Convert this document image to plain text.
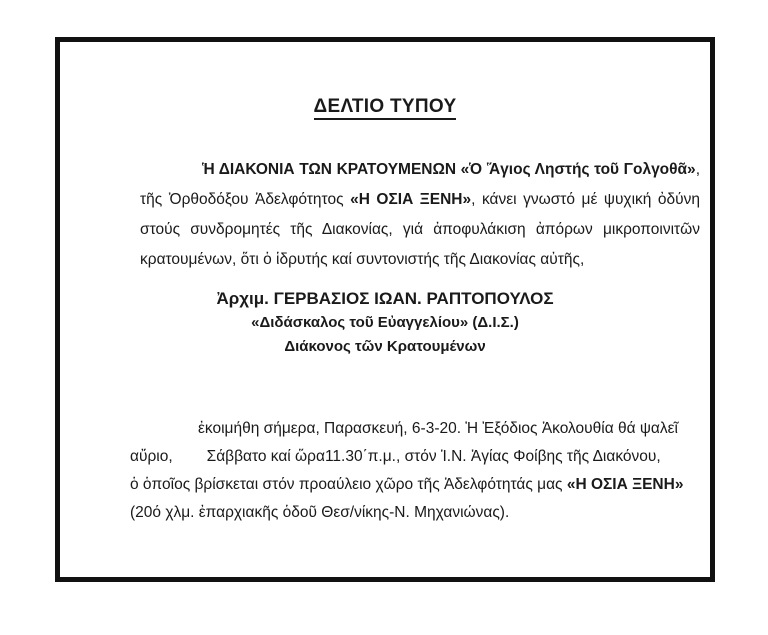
ΔΕΛΤΙΟ ΤΥΠΟΥ
Ἡ ΔΙΑΚΟΝΙΑ ΤΩΝ ΚΡΑΤΟΥΜΕΝΩΝ «Ὁ Ἅγιος Ληστής τοῦ Γολγοθᾶ», τῆς Ὀρθοδόξου Ἀδελφότητος «Η ΟΣΙΑ ΞΕΝΗ», κάνει γνωστό μέ ψυχική ὀδύνη στούς συνδρομητές τῆς Διακονίας, γιά ἀποφυλάκιση ἀπόρων μικροποινιτῶν κρατουμένων, ὅτι ὁ ἱδρυτής καί συντονιστής τῆς Διακονίας αὐτῆς,
Ἀρχιμ. ΓΕΡΒΑΣΙΟΣ ΙΩΑΝ. ΡΑΠΤΟΠΟΥΛΟΣ
«Διδάσκαλος τοῦ Εὐαγγελίου» (Δ.Ι.Σ.)
Διάκονος τῶν Κρατουμένων
ἐκοιμήθη σήμερα, Παρασκευή, 6-3-20. Ἡ Ἐξόδιος Ἀκολουθία θά ψαλεῖ
αὔριο, Σάββατο καί ὥρα11.30΄π.μ., στόν Ἱ.Ν. Ἁγίας Φοίβης τῆς Διακόνου,
ὁ ὁποῖος βρίσκεται στόν προαύλειο χῶρο τῆς Ἀδελφότητάς μας «Η ΟΣΙΑ ΞΕΝΗ»
(20ό χλμ. ἐπαρχιακῆς ὁδοῦ Θεσ/νίκης-Ν. Μηχανιώνας).
